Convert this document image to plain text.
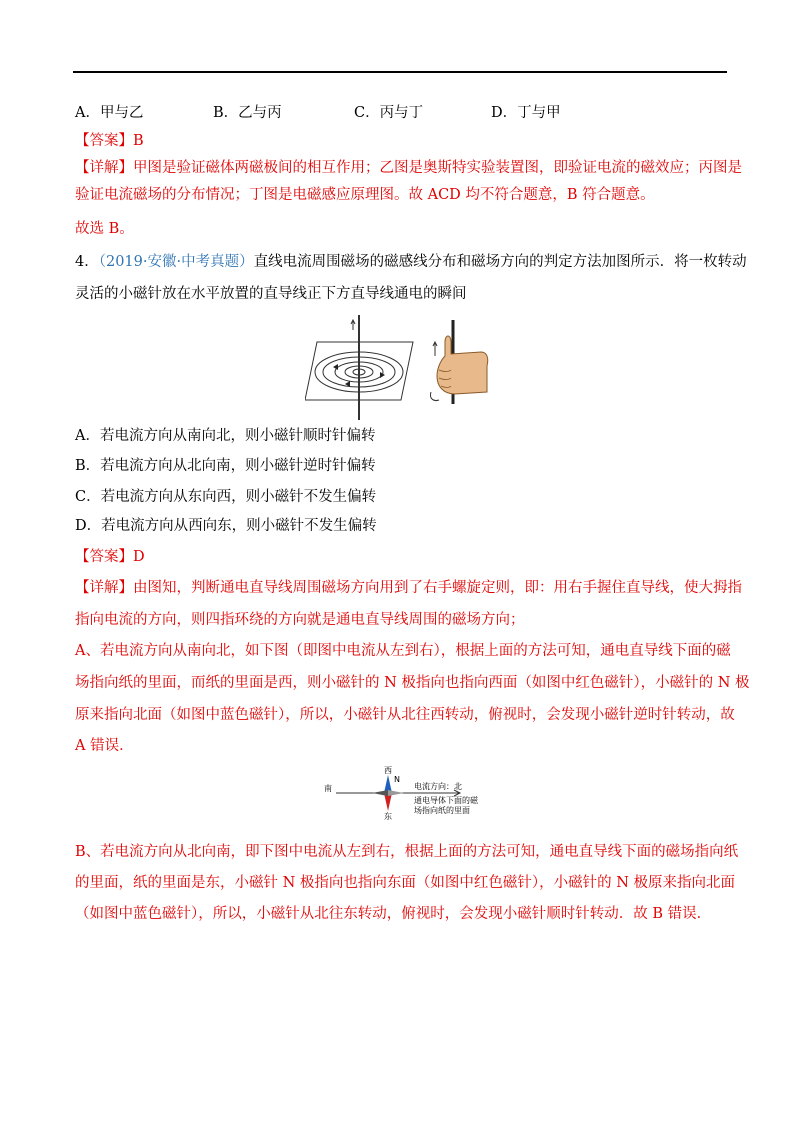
A．甲与乙	B．乙与丙	C．丙与丁	D．丁与甲
【答案】B
【详解】甲图是验证磁体两磁极间的相互作用；乙图是奥斯特实验装置图，即验证电流的磁效应；丙图是
验证电流磁场的分布情况；丁图是电磁感应原理图。故 ACD 均不符合题意，B 符合题意。
故选 B。
4．（2019·安徽·中考真题）直线电流周围磁场的磁感线分布和磁场方向的判定方法加图所示．将一枚转动
灵活的小磁针放在水平放置的直导线正下方直导线通电的瞬间
A．若电流方向从南向北，则小磁针顺时针偏转
B．若电流方向从北向南，则小磁针逆时针偏转
C．若电流方向从东向西，则小磁针不发生偏转
D．若电流方向从西向东，则小磁针不发生偏转
【答案】D
【详解】由图知，判断通电直导线周围磁场方向用到了右手螺旋定则，即：用右手握住直导线，使大拇指
指向电流的方向，则四指环绕的方向就是通电直导线周围的磁场方向；
A、若电流方向从南向北，如下图（即图中电流从左到右），根据上面的方法可知，通电直导线下面的磁
场指向纸的里面，而纸的里面是西，则小磁针的 N 极指向也指向西面（如图中红色磁针），小磁针的 N 极
原来指向北面（如图中蓝色磁针），所以，小磁针从北往西转动，俯视时，会发现小磁针逆时针转动，故
A 错误．
南
西
东
N
电流方向：北
通电导体下面的磁
场指向纸的里面
B、若电流方向从北向南，即下图中电流从左到右，根据上面的方法可知，通电直导线下面的磁场指向纸
的里面，纸的里面是东，小磁针 N 极指向也指向东面（如图中红色磁针），小磁针的 N 极原来指向北面
（如图中蓝色磁针），所以，小磁针从北往东转动，俯视时，会发现小磁针顺时针转动．故 B 错误．
